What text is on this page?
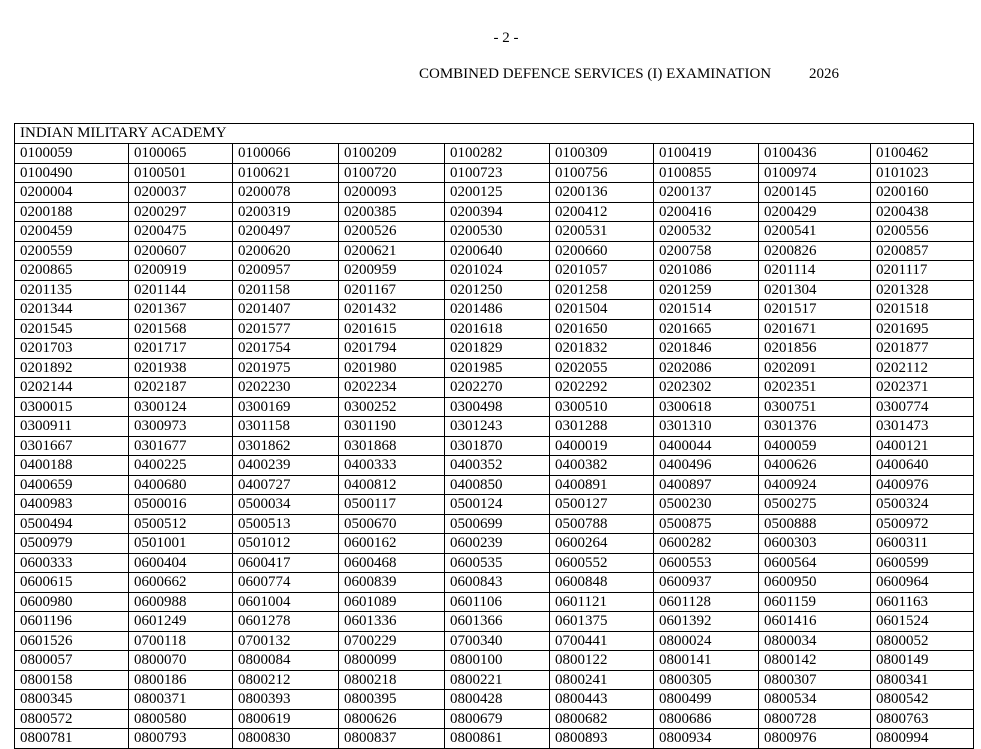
- 2 -
COMBINED DEFENCE SERVICES (I) EXAMINATION	2026
INDIAN MILITARY ACADEMY								
0100059	0100065	0100066	0100209	0100282	0100309	0100419	0100436	0100462
0100490	0100501	0100621	0100720	0100723	0100756	0100855	0100974	0101023
0200004	0200037	0200078	0200093	0200125	0200136	0200137	0200145	0200160
0200188	0200297	0200319	0200385	0200394	0200412	0200416	0200429	0200438
0200459	0200475	0200497	0200526	0200530	0200531	0200532	0200541	0200556
0200559	0200607	0200620	0200621	0200640	0200660	0200758	0200826	0200857
0200865	0200919	0200957	0200959	0201024	0201057	0201086	0201114	0201117
0201135	0201144	0201158	0201167	0201250	0201258	0201259	0201304	0201328
0201344	0201367	0201407	0201432	0201486	0201504	0201514	0201517	0201518
0201545	0201568	0201577	0201615	0201618	0201650	0201665	0201671	0201695
0201703	0201717	0201754	0201794	0201829	0201832	0201846	0201856	0201877
0201892	0201938	0201975	0201980	0201985	0202055	0202086	0202091	0202112
0202144	0202187	0202230	0202234	0202270	0202292	0202302	0202351	0202371
0300015	0300124	0300169	0300252	0300498	0300510	0300618	0300751	0300774
0300911	0300973	0301158	0301190	0301243	0301288	0301310	0301376	0301473
0301667	0301677	0301862	0301868	0301870	0400019	0400044	0400059	0400121
0400188	0400225	0400239	0400333	0400352	0400382	0400496	0400626	0400640
0400659	0400680	0400727	0400812	0400850	0400891	0400897	0400924	0400976
0400983	0500016	0500034	0500117	0500124	0500127	0500230	0500275	0500324
0500494	0500512	0500513	0500670	0500699	0500788	0500875	0500888	0500972
0500979	0501001	0501012	0600162	0600239	0600264	0600282	0600303	0600311
0600333	0600404	0600417	0600468	0600535	0600552	0600553	0600564	0600599
0600615	0600662	0600774	0600839	0600843	0600848	0600937	0600950	0600964
0600980	0600988	0601004	0601089	0601106	0601121	0601128	0601159	0601163
0601196	0601249	0601278	0601336	0601366	0601375	0601392	0601416	0601524
0601526	0700118	0700132	0700229	0700340	0700441	0800024	0800034	0800052
0800057	0800070	0800084	0800099	0800100	0800122	0800141	0800142	0800149
0800158	0800186	0800212	0800218	0800221	0800241	0800305	0800307	0800341
0800345	0800371	0800393	0800395	0800428	0800443	0800499	0800534	0800542
0800572	0800580	0800619	0800626	0800679	0800682	0800686	0800728	0800763
0800781	0800793	0800830	0800837	0800861	0800893	0800934	0800976	0800994
